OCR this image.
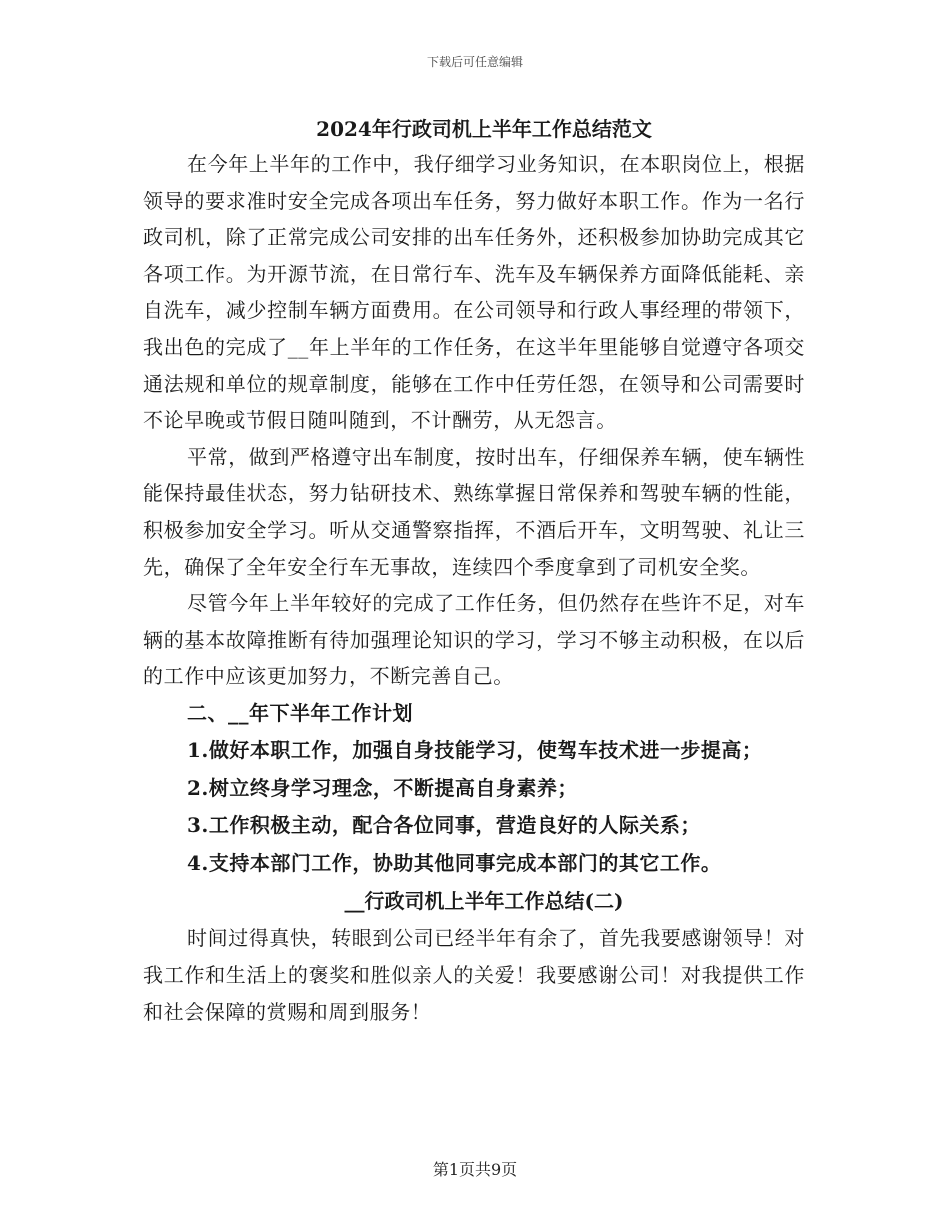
下载后可任意编辑
2024年行政司机上半年工作总结范文

在今年上半年的工作中，我仔细学习业务知识，在本职岗位上，根据领导的要求准时安全完成各项出车任务，努力做好本职工作。作为一名行政司机，除了正常完成公司安排的出车任务外，还积极参加协助完成其它各项工作。为开源节流，在日常行车、洗车及车辆保养方面降低能耗、亲自洗车，减少控制车辆方面费用。在公司领导和行政人事经理的带领下，我出色的完成了__年上半年的工作任务，在这半年里能够自觉遵守各项交通法规和单位的规章制度，能够在工作中任劳任怨，在领导和公司需要时不论早晚或节假日随叫随到，不计酬劳，从无怨言。

平常，做到严格遵守出车制度，按时出车，仔细保养车辆，使车辆性能保持最佳状态，努力钻研技术、熟练掌握日常保养和驾驶车辆的性能，积极参加安全学习。听从交通警察指挥，不酒后开车，文明驾驶、礼让三先，确保了全年安全行车无事故，连续四个季度拿到了司机安全奖。

尽管今年上半年较好的完成了工作任务，但仍然存在些许不足，对车辆的基本故障推断有待加强理论知识的学习，学习不够主动积极，在以后的工作中应该更加努力，不断完善自己。

二、__年下半年工作计划

1.做好本职工作，加强自身技能学习，使驾车技术进一步提高；

2.树立终身学习理念，不断提高自身素养；

3.工作积极主动，配合各位同事，营造良好的人际关系；

4.支持本部门工作，协助其他同事完成本部门的其它工作。

__行政司机上半年工作总结(二)

时间过得真快，转眼到公司已经半年有余了，首先我要感谢领导！对我工作和生活上的褒奖和胜似亲人的关爱！我要感谢公司！对我提供工作和社会保障的赏赐和周到服务！

第1页共9页
